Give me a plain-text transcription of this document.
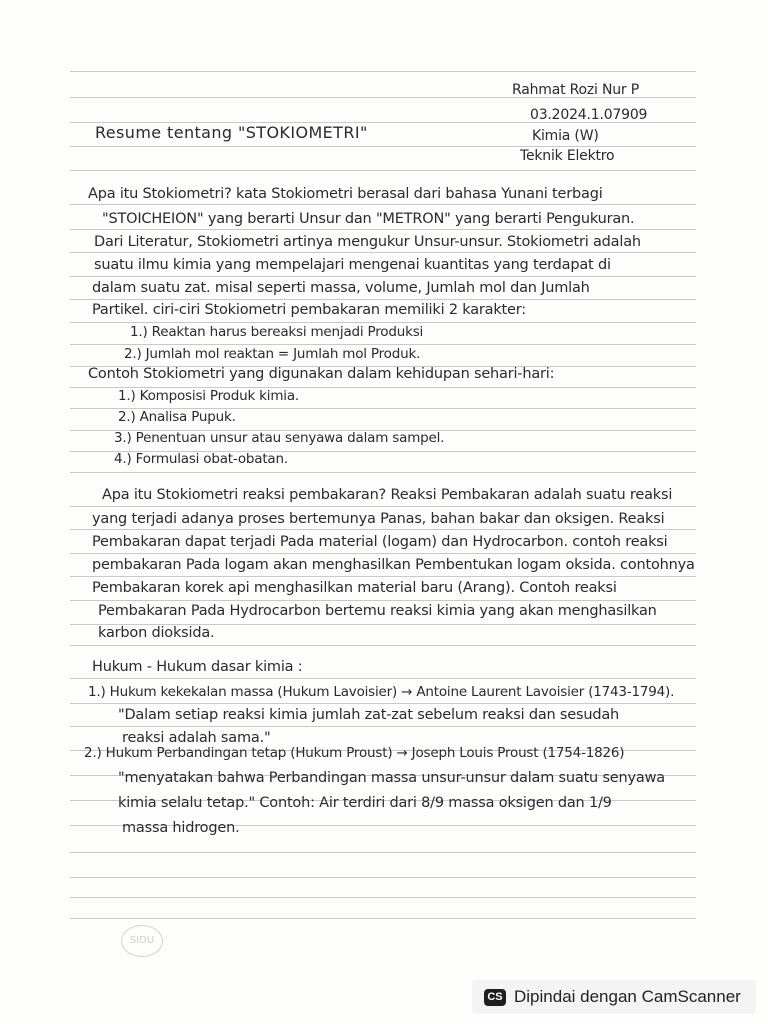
Rahmat Rozi Nur P
03.2024.1.07909
Kimia (W)
Teknik Elektro
Resume tentang "STOKIOMETRI"
Apa itu Stokiometri? kata Stokiometri berasal dari bahasa Yunani terbagi
"STOICHEION" yang berarti Unsur dan "METRON" yang berarti Pengukuran.
Dari Literatur, Stokiometri artinya mengukur Unsur-unsur. Stokiometri adalah
suatu ilmu kimia yang mempelajari mengenai kuantitas yang terdapat di
dalam suatu zat. misal seperti massa, volume, Jumlah mol dan Jumlah
Partikel. ciri-ciri Stokiometri pembakaran memiliki 2 karakter:
1.) Reaktan harus bereaksi menjadi Produksi
2.) Jumlah mol reaktan = Jumlah mol Produk.
Contoh Stokiometri yang digunakan dalam kehidupan sehari-hari:
1.) Komposisi Produk kimia.
2.) Analisa Pupuk.
3.) Penentuan unsur atau senyawa dalam sampel.
4.) Formulasi obat-obatan.
Apa itu Stokiometri reaksi pembakaran? Reaksi Pembakaran adalah suatu reaksi
yang terjadi adanya proses bertemunya Panas, bahan bakar dan oksigen. Reaksi
Pembakaran dapat terjadi Pada material (logam) dan Hydrocarbon. contoh reaksi
pembakaran Pada logam akan menghasilkan Pembentukan logam oksida. contohnya
Pembakaran korek api menghasilkan material baru (Arang). Contoh reaksi
Pembakaran Pada Hydrocarbon bertemu reaksi kimia yang akan menghasilkan
karbon dioksida.
Hukum - Hukum dasar kimia :
1.) Hukum kekekalan massa (Hukum Lavoisier) → Antoine Laurent Lavoisier (1743-1794).
"Dalam setiap reaksi kimia jumlah zat-zat sebelum reaksi dan sesudah
reaksi adalah sama."
2.) Hukum Perbandingan tetap (Hukum Proust) → Joseph Louis Proust (1754-1826)
"menyatakan bahwa Perbandingan massa unsur-unsur dalam suatu senyawa
kimia selalu tetap." Contoh: Air terdiri dari 8/9 massa oksigen dan 1/9
massa hidrogen.
SIDU
CS Dipindai dengan CamScanner
